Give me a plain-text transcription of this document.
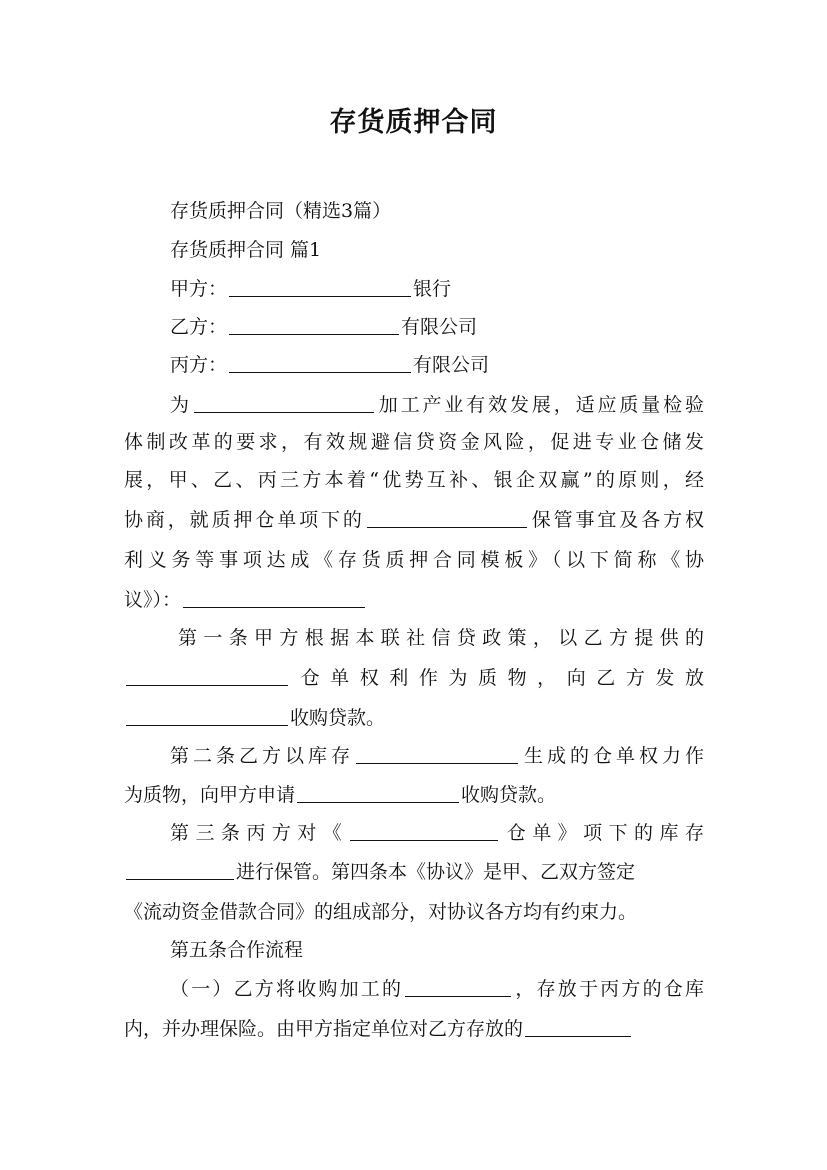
存货质押合同
存货质押合同（精选3篇）
存货质押合同 篇1
甲方：	银行
乙方：	有限公司
丙方：	有限公司
为	加工产业有效发展，适应质量检验
体制改革的要求，有效规避信贷资金风险，促进专业仓储发
展，甲、乙、丙三方本着“优势互补、银企双赢”的原则，经
协商，就质押仓单项下的	保管事宜及各方权
利义务等事项达成《存货质押合同模板》（以下简称《协
议》）：
第一条甲方根据本联社信贷政策，以乙方提供的
仓单权利作为质物，向乙方发放
收购贷款。
第二条乙方以库存	生成的仓单权力作
为质物，向甲方申请	收购贷款。
第三条丙方对《	仓单》项下的库存
进行保管。第四条本《协议》是甲、乙双方签定
《流动资金借款合同》的组成部分，对协议各方均有约束力。
第五条合作流程
（一）乙方将收购加工的	，存放于丙方的仓库
内，并办理保险。由甲方指定单位对乙方存放的
